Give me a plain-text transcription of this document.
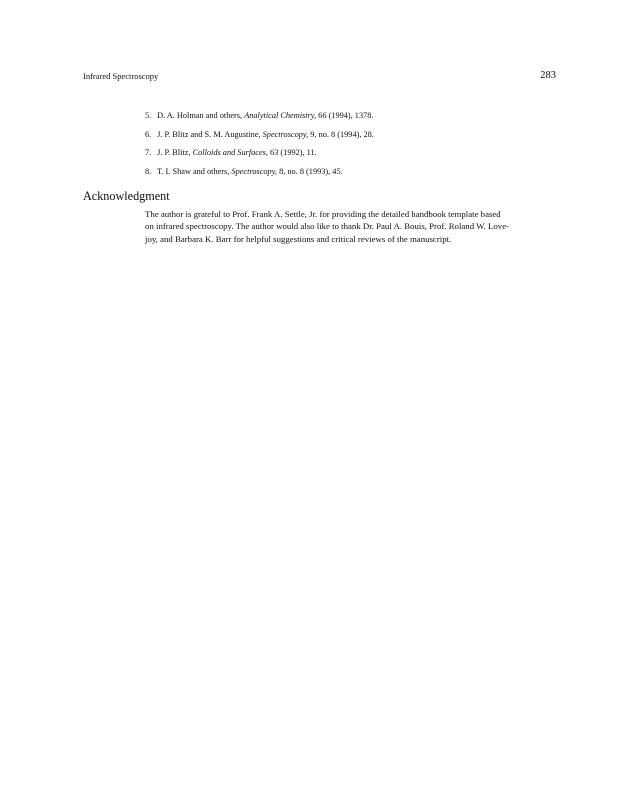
Infrared Spectroscopy	283
5. D. A. Holman and others, Analytical Chemistry, 66 (1994), 1378.
6. J. P. Blitz and S. M. Augustine, Spectroscopy, 9, no. 8 (1994), 28.
7. J. P. Blitz, Colloids and Surfaces, 63 (1992), 11.
8. T. I. Shaw and others, Spectroscopy, 8, no. 8 (1993), 45.
Acknowledgment

The author is grateful to Prof. Frank A. Settle, Jr. for providing the detailed handbook template based
on infrared spectroscopy. The author would also like to thank Dr. Paul A. Bouis, Prof. Roland W. Love-
joy, and Barbara K. Barr for helpful suggestions and critical reviews of the manuscript.
